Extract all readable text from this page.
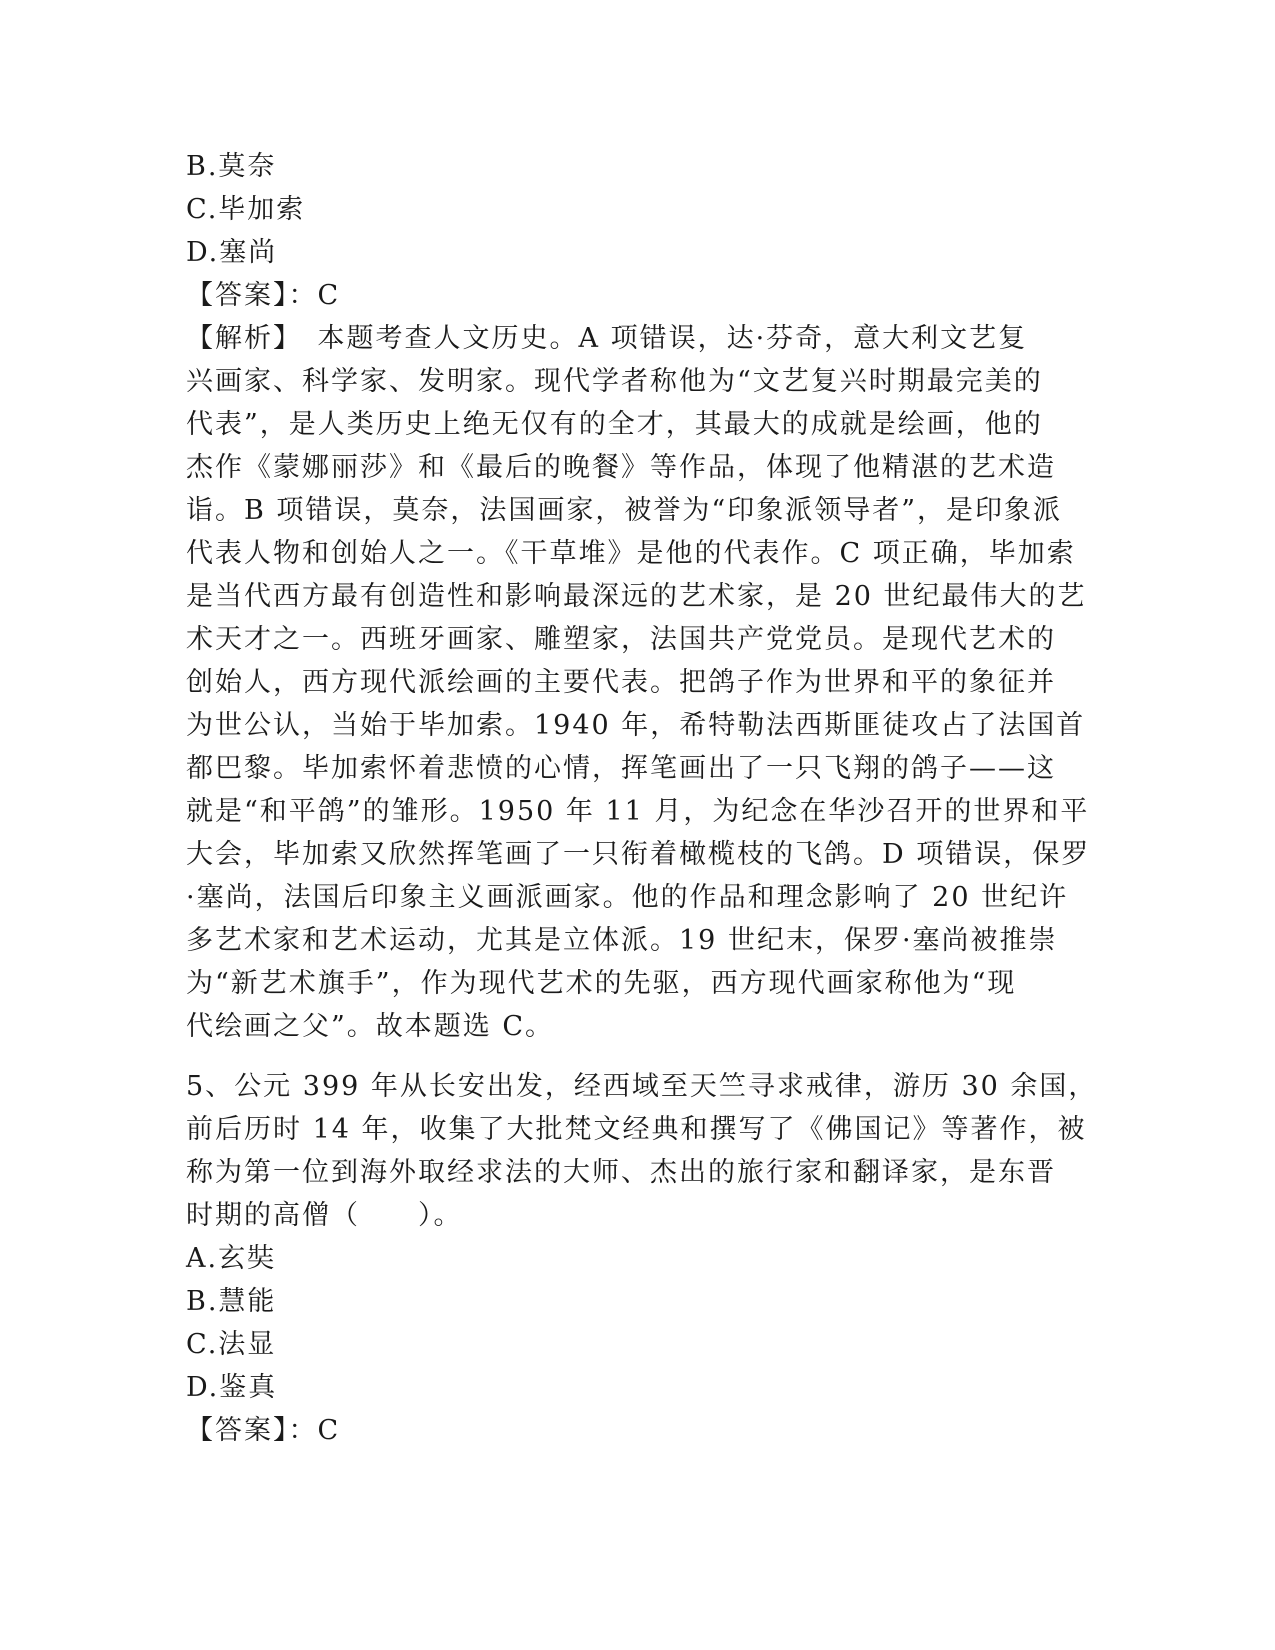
B.莫奈
C.毕加索
D.塞尚
【答案】：C
【解析】　本题考查人文历史。A 项错误，达·芬奇，意大利文艺复
兴画家、科学家、发明家。现代学者称他为“文艺复兴时期最完美的
代表”，是人类历史上绝无仅有的全才，其最大的成就是绘画，他的
杰作《蒙娜丽莎》和《最后的晚餐》等作品，体现了他精湛的艺术造
诣。B 项错误，莫奈，法国画家，被誉为“印象派领导者”，是印象派
代表人物和创始人之一。《干草堆》是他的代表作。C 项正确，毕加索
是当代西方最有创造性和影响最深远的艺术家，是 20 世纪最伟大的艺
术天才之一。西班牙画家、雕塑家，法国共产党党员。是现代艺术的
创始人，西方现代派绘画的主要代表。把鸽子作为世界和平的象征并
为世公认，当始于毕加索。1940 年，希特勒法西斯匪徒攻占了法国首
都巴黎。毕加索怀着悲愤的心情，挥笔画出了一只飞翔的鸽子——这
就是“和平鸽”的雏形。1950 年 11 月，为纪念在华沙召开的世界和平
大会，毕加索又欣然挥笔画了一只衔着橄榄枝的飞鸽。D 项错误，保罗
·塞尚，法国后印象主义画派画家。他的作品和理念影响了 20 世纪许
多艺术家和艺术运动，尤其是立体派。19 世纪末，保罗·塞尚被推崇
为“新艺术旗手”，作为现代艺术的先驱，西方现代画家称他为“现
代绘画之父”。故本题选 C。
5、公元 399 年从长安出发，经西域至天竺寻求戒律，游历 30 余国，
前后历时 14 年，收集了大批梵文经典和撰写了《佛国记》等著作，被
称为第一位到海外取经求法的大师、杰出的旅行家和翻译家，是东晋
时期的高僧（　　）。
A.玄奘
B.慧能
C.法显
D.鉴真
【答案】：C
